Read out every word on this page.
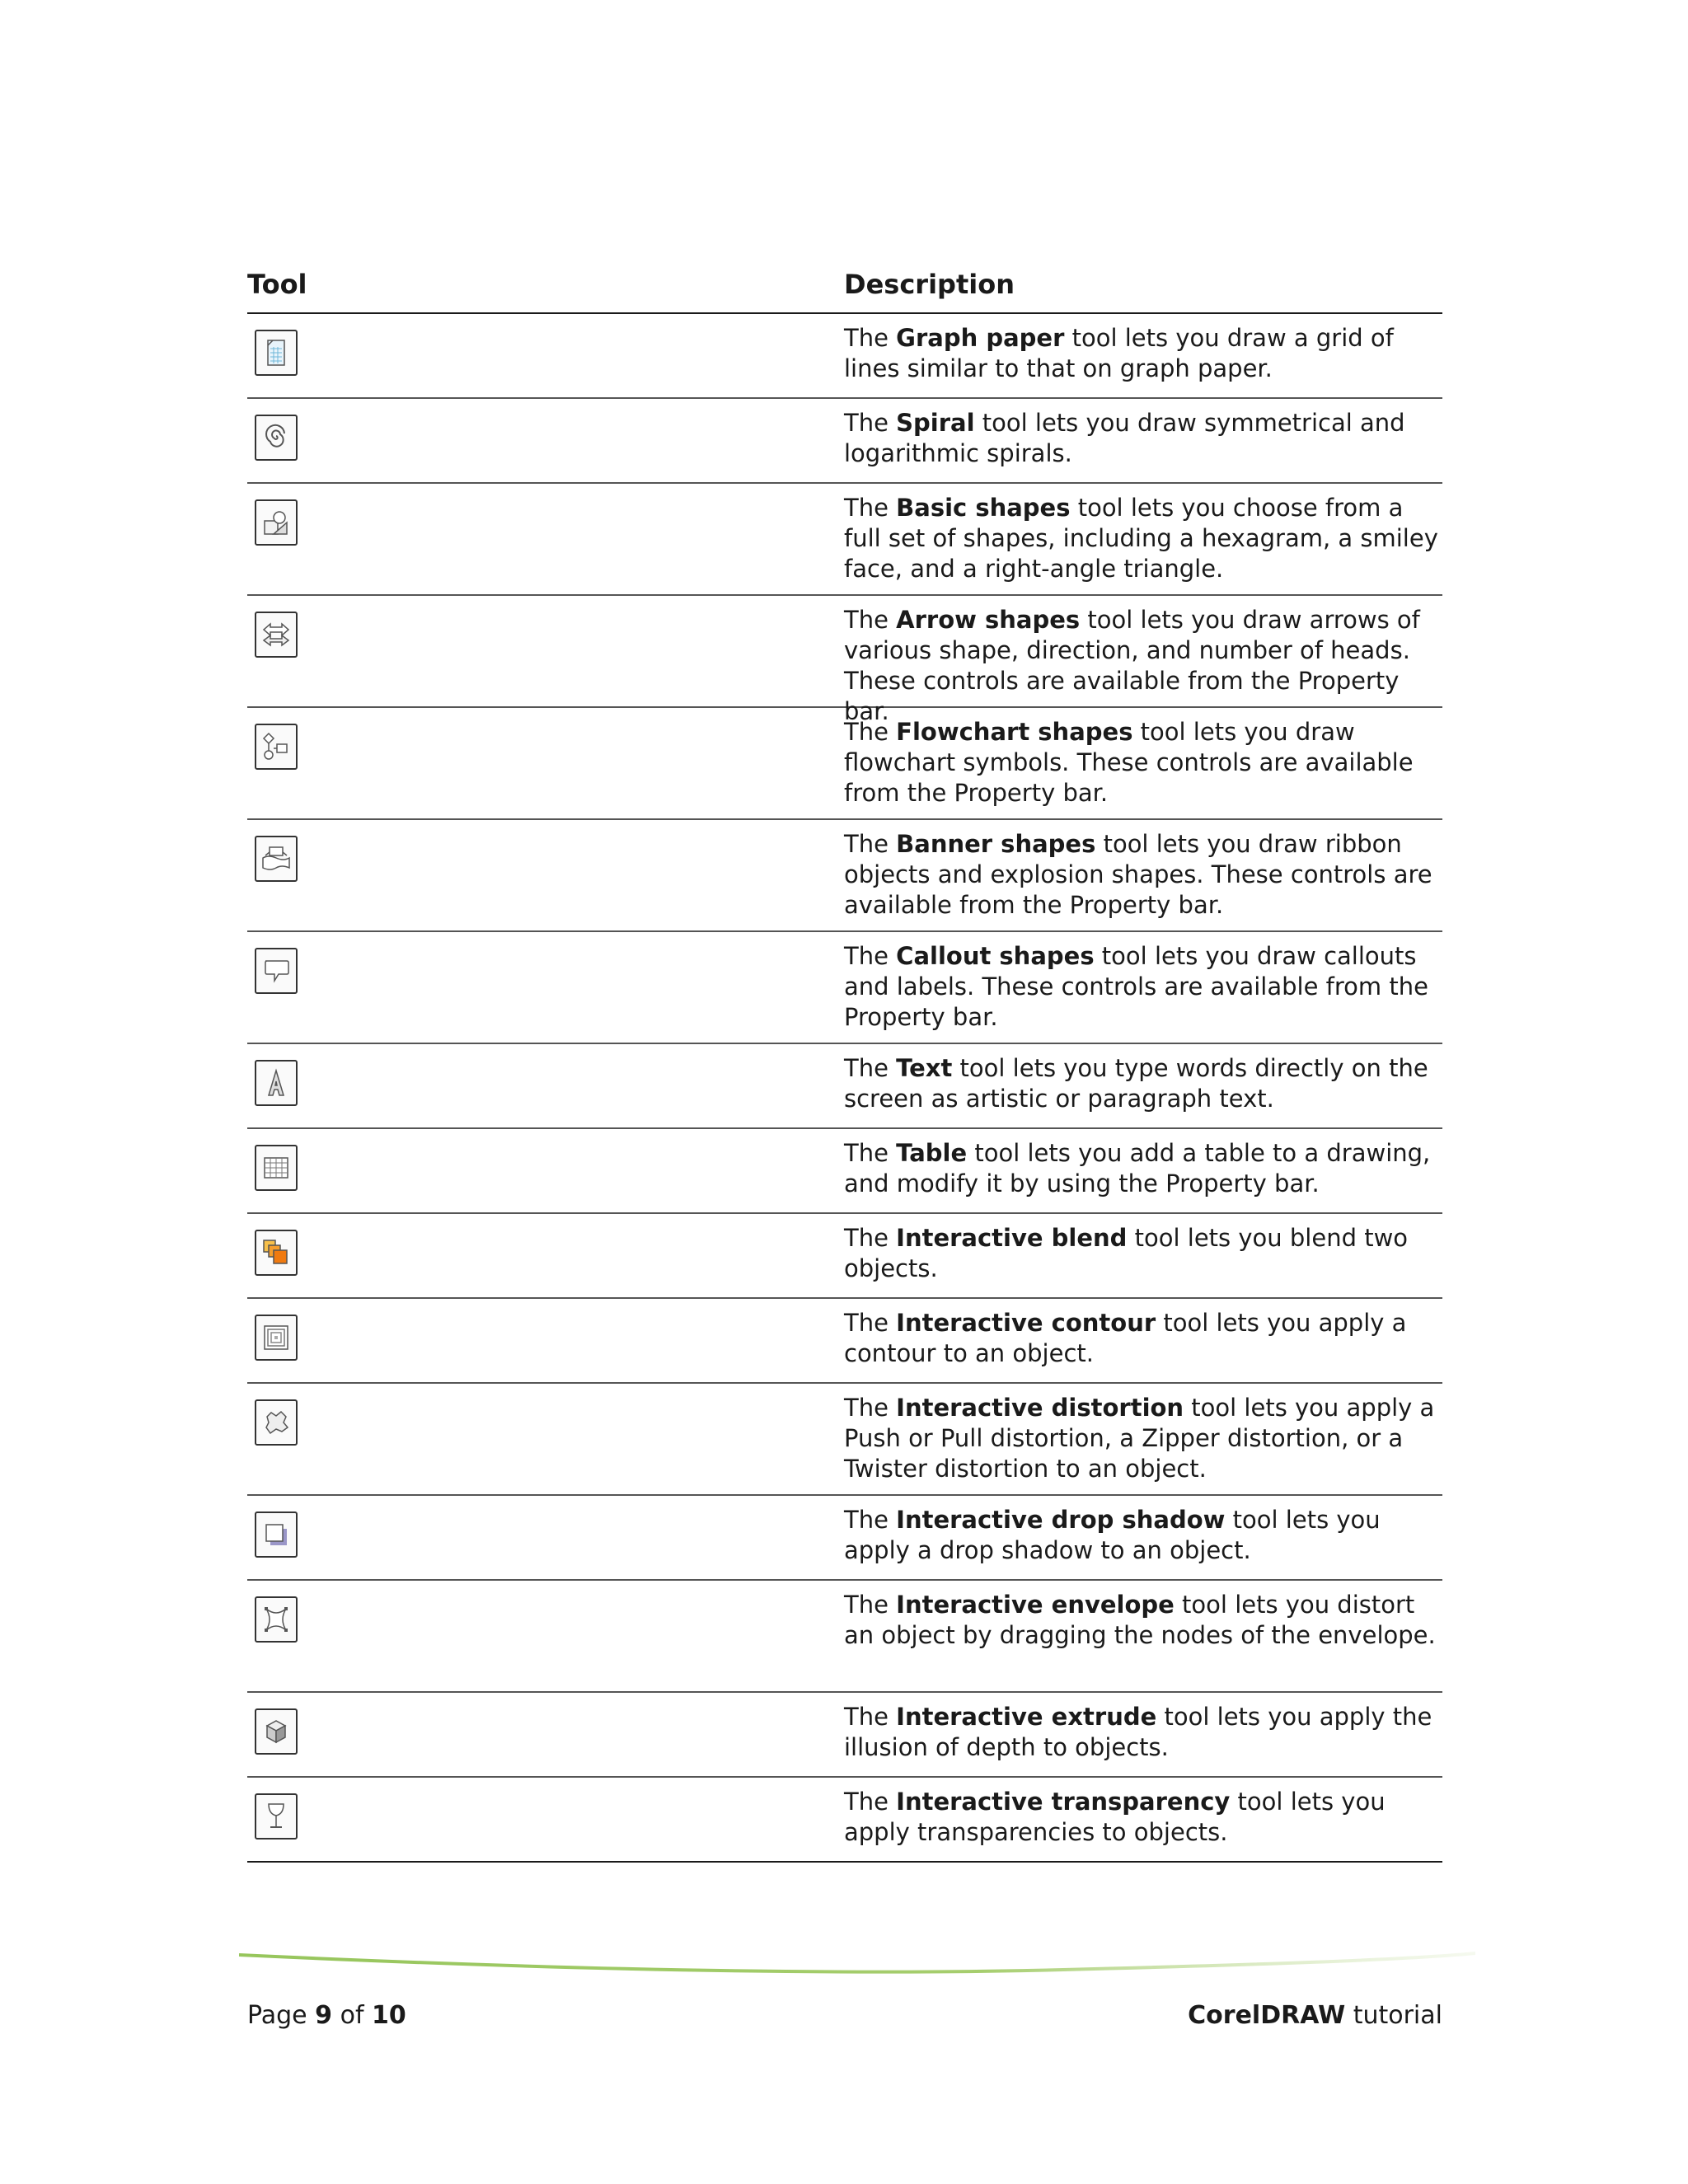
Tool	Description
The Graph paper tool lets you draw a grid of lines similar to that on graph paper.
The Spiral tool lets you draw symmetrical and logarithmic spirals.
The Basic shapes tool lets you choose from a full set of shapes, including a hexagram, a smiley face, and a right-angle triangle.
The Arrow shapes tool lets you draw arrows of various shape, direction, and number of heads. These controls are available from the Property bar.
The Flowchart shapes tool lets you draw flowchart symbols. These controls are available from the Property bar.
The Banner shapes tool lets you draw ribbon objects and explosion shapes. These controls are available from the Property bar.
The Callout shapes tool lets you draw callouts and labels. These controls are available from the Property bar.
The Text tool lets you type words directly on the screen as artistic or paragraph text.
The Table tool lets you add a table to a drawing, and modify it by using the Property bar.
The Interactive blend tool lets you blend two objects.
The Interactive contour tool lets you apply a contour to an object.
The Interactive distortion tool lets you apply a Push or Pull distortion, a Zipper distortion, or a Twister distortion to an object.
The Interactive drop shadow tool lets you apply a drop shadow to an object.
The Interactive envelope tool lets you distort an object by dragging the nodes of the envelope.
The Interactive extrude tool lets you apply the illusion of depth to objects.
The Interactive transparency tool lets you apply transparencies to objects.
Page 9 of 10	CorelDRAW tutorial
